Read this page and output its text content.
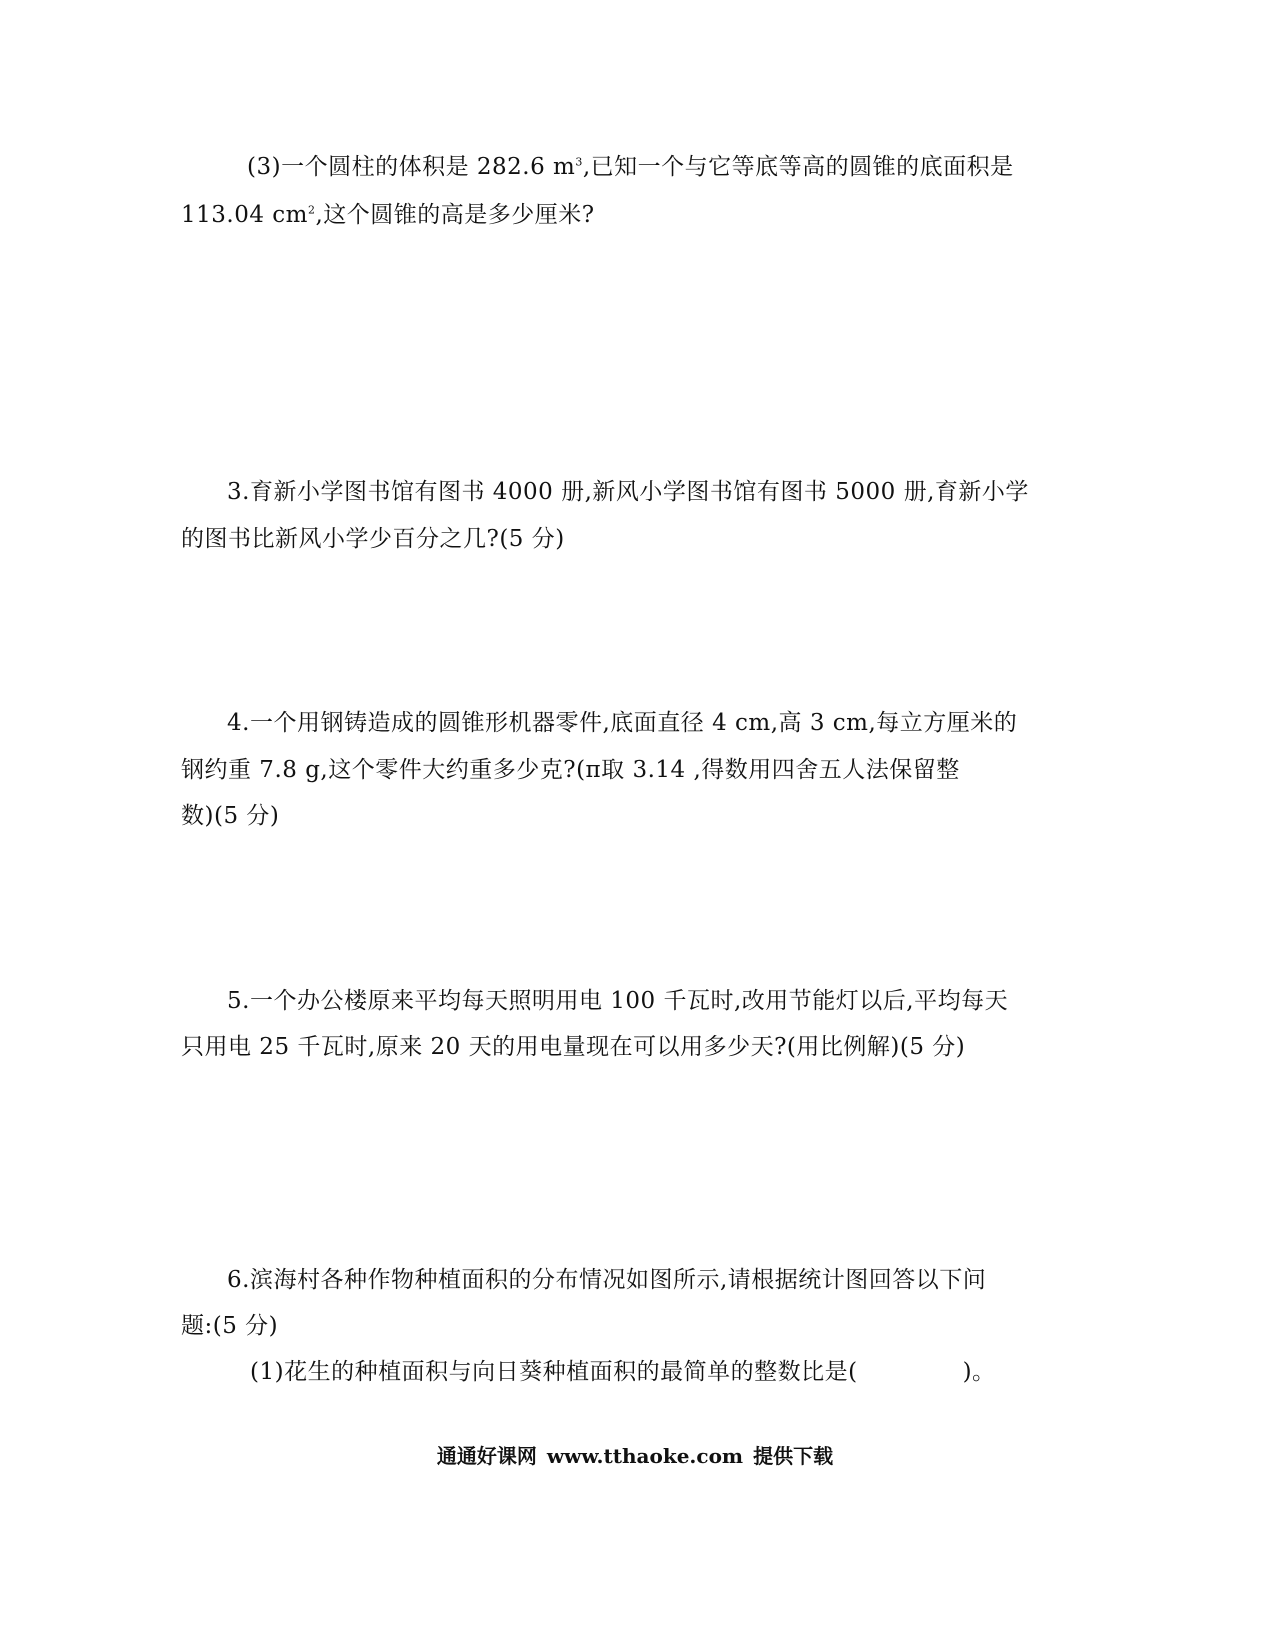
(3)一个圆柱的体积是 282.6 $m^3$,已知一个与它等底等高的圆锥的底面积是
113.04 $cm^2$,这个圆锥的高是多少厘米?
3.育新小学图书馆有图书 4000 册,新风小学图书馆有图书 5000 册,育新小学
的图书比新风小学少百分之几?(5 分)
4.一个用钢铸造成的圆锥形机器零件,底面直径 4 cm,高 3 cm,每立方厘米的
钢约重 7.8 g,这个零件大约重多少克?(π取 3.14 ,得数用四舍五人法保留整
数)(5 分)
5.一个办公楼原来平均每天照明用电 100 千瓦时,改用节能灯以后,平均每天
只用电 25 千瓦时,原来 20 天的用电量现在可以用多少天?(用比例解)(5 分)
6.滨海村各种作物种植面积的分布情况如图所示,请根据统计图回答以下问
题:(5 分)
(1)花生的种植面积与向日葵种植面积的最简单的整数比是(	)。
通通好课网 www.tthaoke.com 提供下载
